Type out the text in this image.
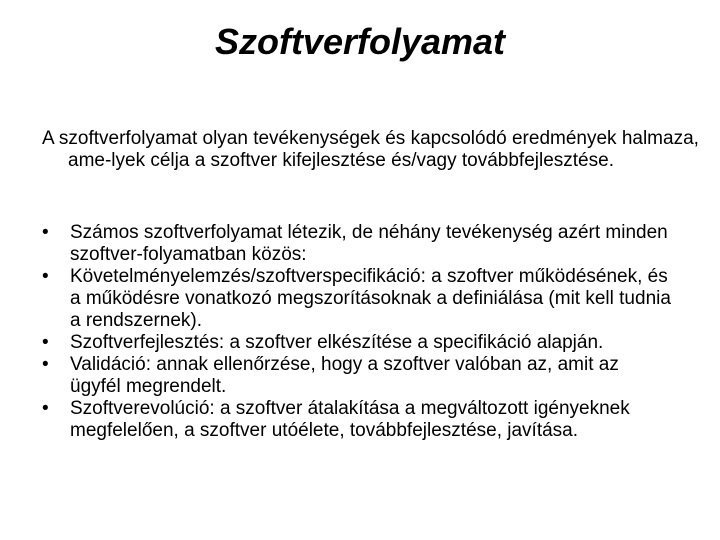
Szoftverfolyamat

A szoftverfolyamat olyan tevékenységek és kapcsolódó eredmények halmaza, ame-lyek célja a szoftver kifejlesztése és/vagy továbbfejlesztése.

•	Számos szoftverfolyamat létezik, de néhány tevékenység azért minden szoftver-folyamatban közös:
•	Követelményelemzés/szoftverspecifikáció: a szoftver működésének, és a működésre vonatkozó megszorításoknak a definiálása (mit kell tudnia a rendszernek).
•	Szoftverfejlesztés: a szoftver elkészítése a specifikáció alapján.
•	Validáció: annak ellenőrzése, hogy a szoftver valóban az, amit az ügyfél megrendelt.
•	Szoftverevolúció: a szoftver átalakítása a megváltozott igényeknek megfelelően, a szoftver utóélete, továbbfejlesztése, javítása.
